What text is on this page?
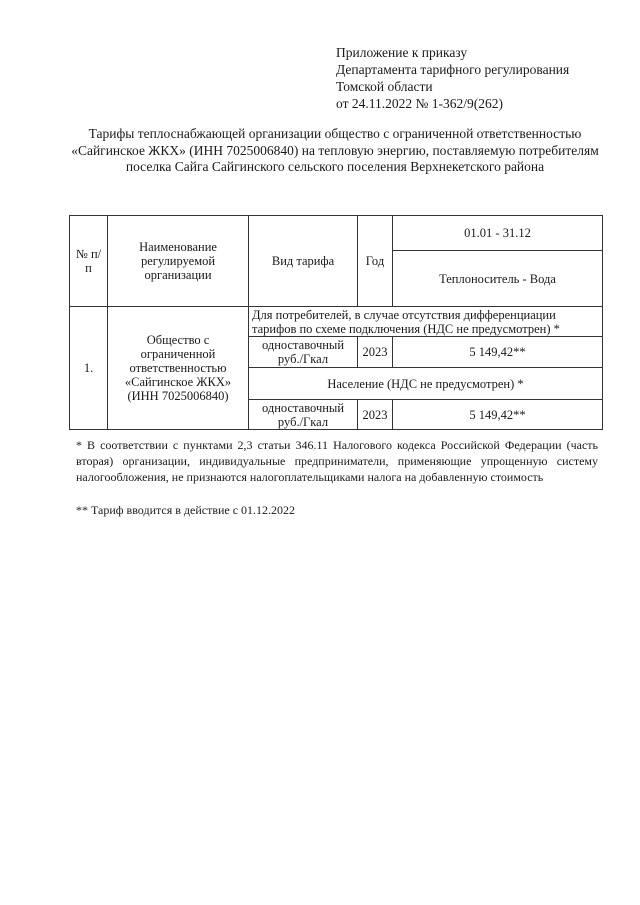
Приложение к приказу
Департамента тарифного регулирования
Томской области
от 24.11.2022 № 1-362/9(262)
Тарифы теплоснабжающей организации общество с ограниченной ответственностью «Сайгинское ЖКХ» (ИНН 7025006840) на тепловую энергию, поставляемую потребителям поселка Сайга Сайгинского сельского поселения Верхнекетского района
№ п/п	Наименование регулируемой организации	Вид тарифа	Год	01.01 - 31.12
				Теплоноситель - Вода
1.	Общество с ограниченной ответственностью «Сайгинское ЖКХ» (ИНН 7025006840)	Для потребителей, в случае отсутствия дифференциации тарифов по схеме подключения (НДС не предусмотрен) *		
		одноставочный руб./Гкал	2023	5 149,42**
		Население (НДС не предусмотрен) *		
		одноставочный руб./Гкал	2023	5 149,42**
* В соответствии с пунктами 2,3 статьи 346.11 Налогового кодекса Российской Федерации (часть вторая) организации, индивидуальные предприниматели, применяющие упрощенную систему налогообложения, не признаются налогоплательщиками налога на добавленную стоимость
** Тариф вводится в действие с 01.12.2022
